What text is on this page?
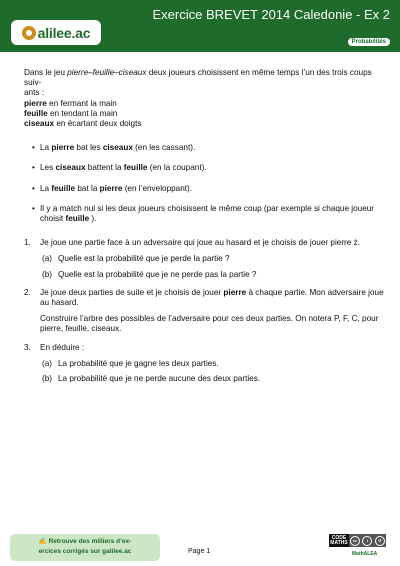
alilee.ac
Exercice BREVET 2014 Caledonie - Ex 2
Probabilités

Dans le jeu pierre–feuille–ciseaux deux joueurs choisissent en même temps l’un des trois coups suiv-

ants :

pierre en fermant la main
feuille en tendant la main
ciseaux en écartant deux doigts
• La pierre bat les ciseaux (en les cassant).
• Les ciseaux battent la feuille (en la coupant).
• La feuille bat la pierre (en l’enveloppant).
• Il y a match nul si les deux joueurs choisissent le même coup (par exemple si chaque joueur choisit feuille ).
1. Je joue une partie face à un adversaire qui joue au hasard et je choisis de jouer pierre ż.
(a) Quelle est la probabilité que je perde la partie ?
(b) Quelle est la probabilité que je ne perde pas la partie ?
2. Je joue deux parties de suite et je choisis de jouer pierre à chaque partie. Mon adversaire joue au hasard.
Construire l’arbre des possibles de l’adversaire pour ces deux parties. On notera P, F, C, pour pierre, feuille, ciseaux.
3. En déduire :
(a) La probabilité que je gagne les deux parties.
(b) La probabilité que je ne perde aucune des deux parties.
✍ Retrouve des milliers d’ex-
ercices corrigés sur galilee.ac	Page 1
CODE
MATHS	cc	i	↺
MathALEA
